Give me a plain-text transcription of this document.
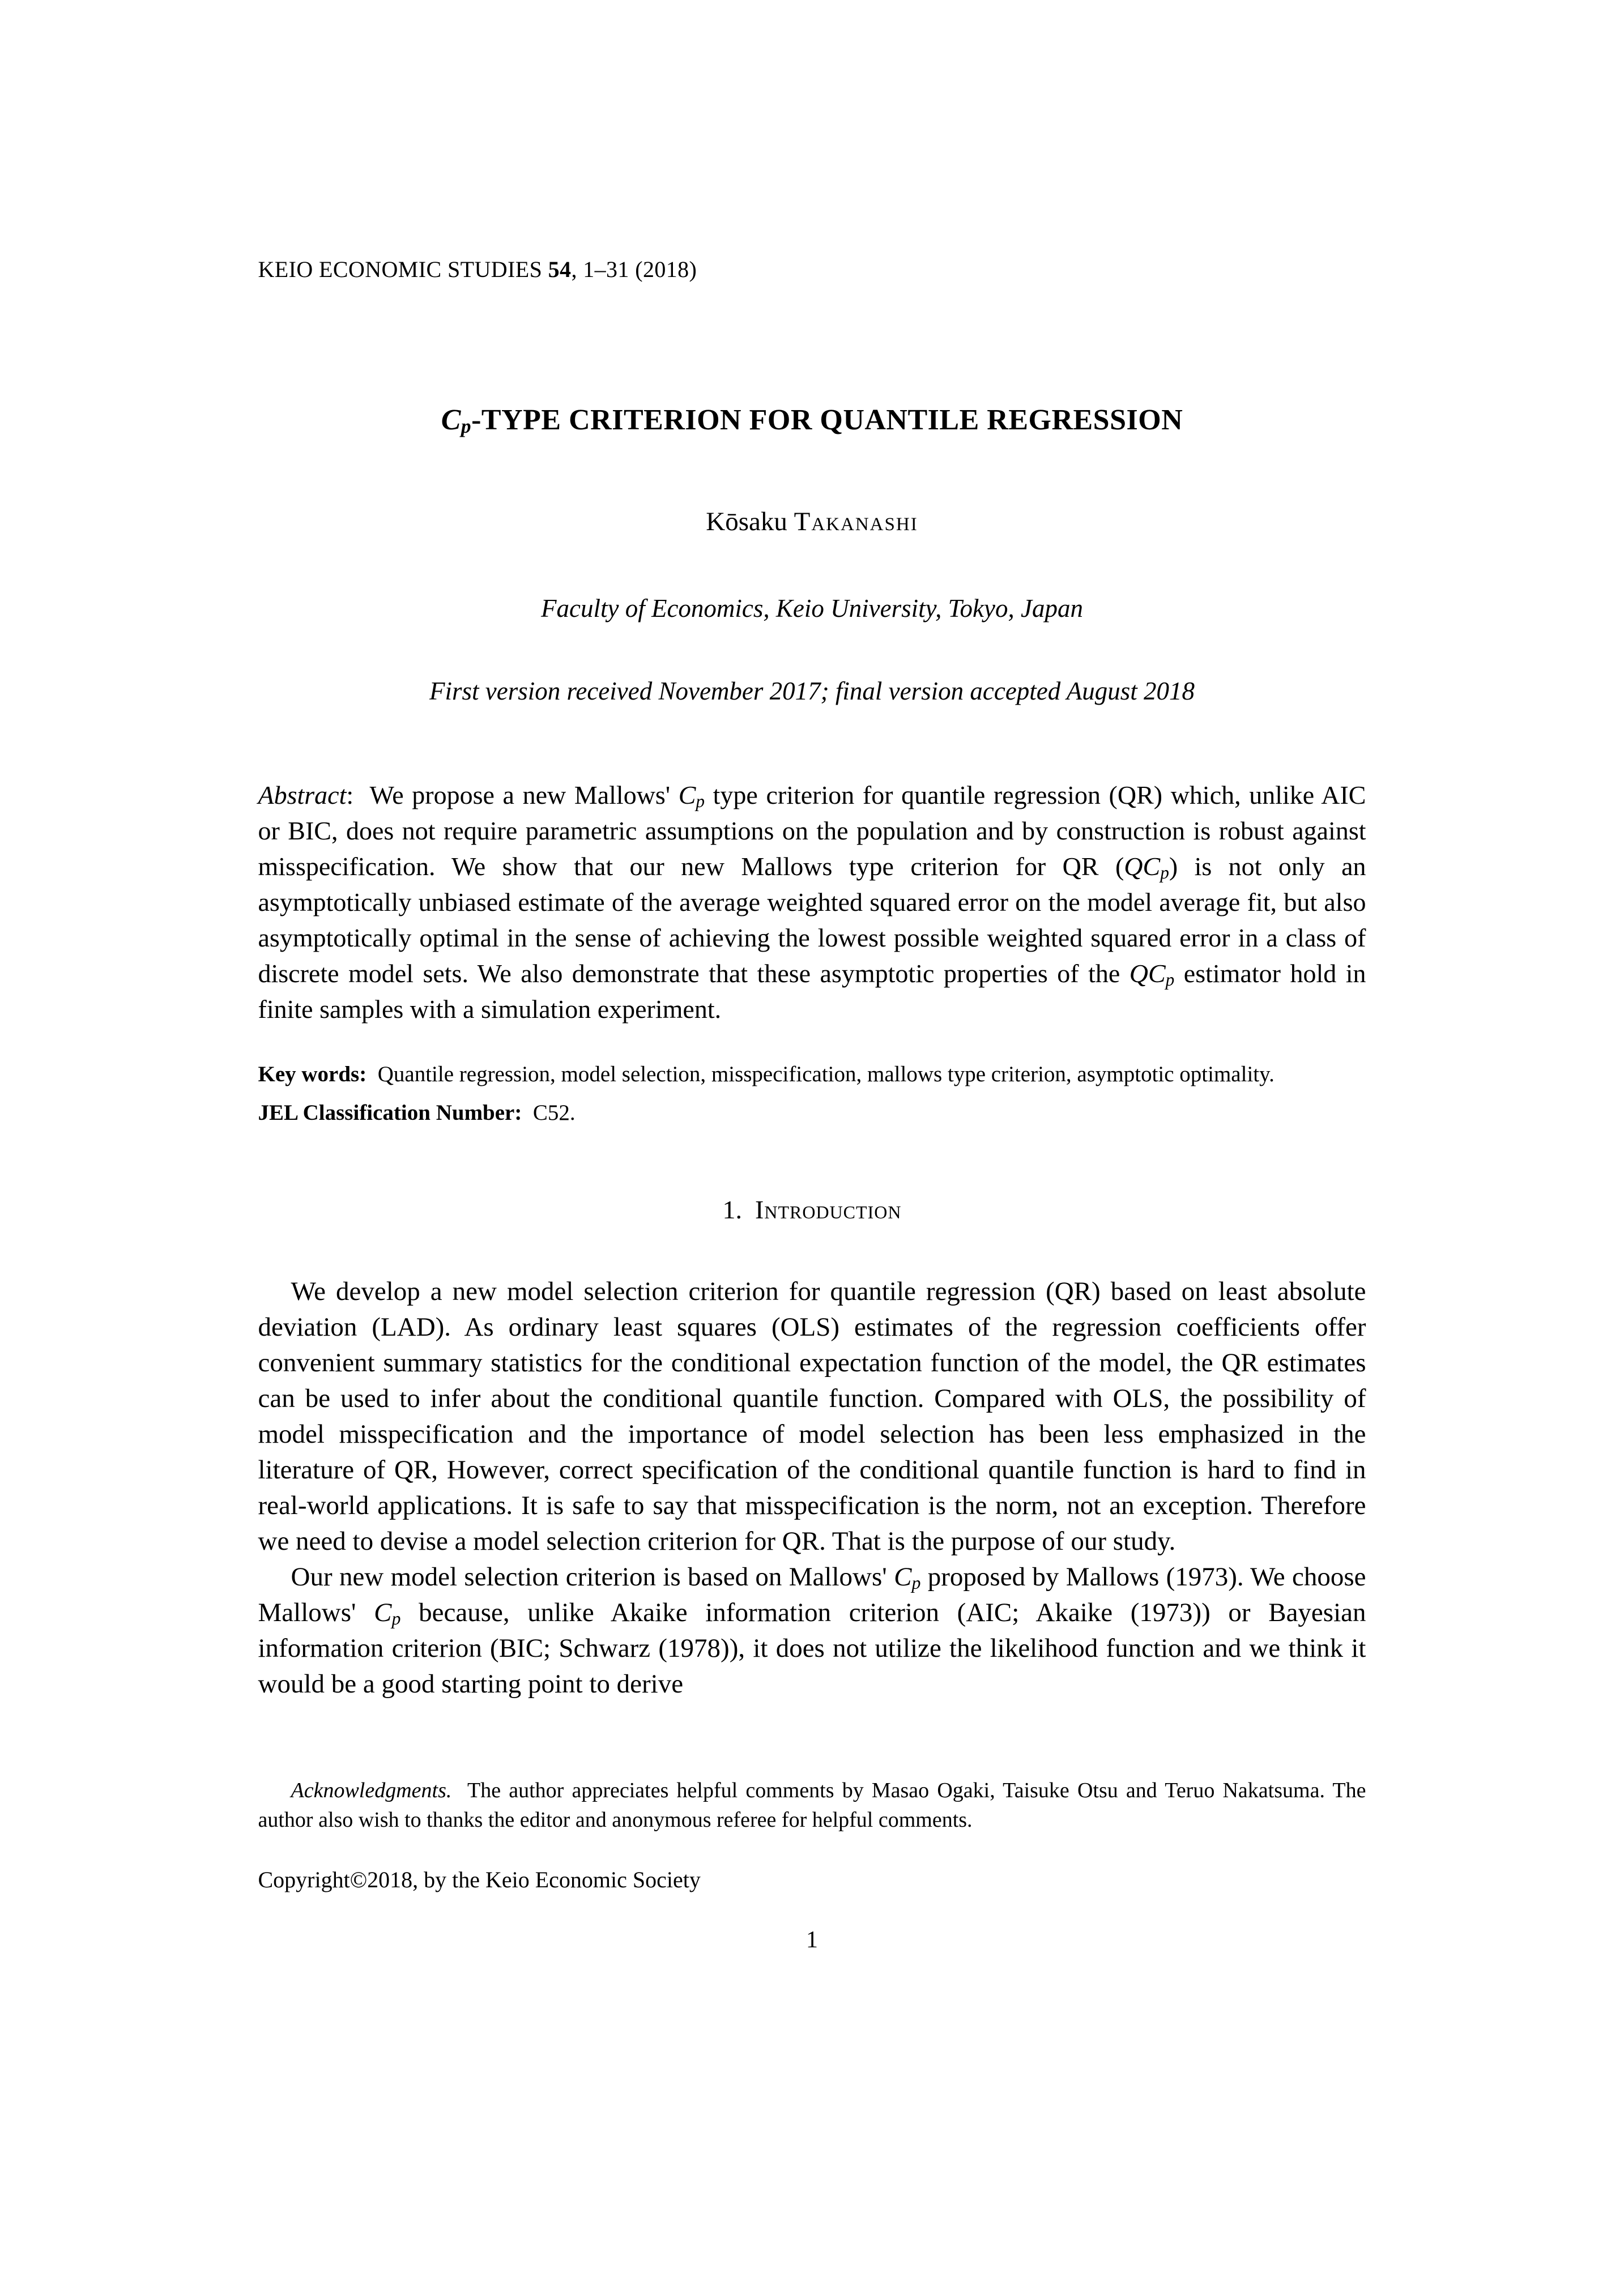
KEIO ECONOMIC STUDIES 54, 1–31 (2018)
$C_p$-TYPE CRITERION FOR QUANTILE REGRESSION
Kōsaku Takanashi
Faculty of Economics, Keio University, Tokyo, Japan
First version received November 2017; final version accepted August 2018

Abstract:  We propose a new Mallows' $C_p$ type criterion for quantile regression (QR) which, unlike AIC or BIC, does not require parametric assumptions on the population and by construction is robust against misspecification. We show that our new Mallows type criterion for QR $(QC_p)$ is not only an asymptotically unbiased estimate of the average weighted squared error on the model average fit, but also asymptotically optimal in the sense of achieving the lowest possible weighted squared error in a class of discrete model sets. We also demonstrate that these asymptotic properties of the $QC_p$ estimator hold in finite samples with a simulation experiment.

Key words:  Quantile regression, model selection, misspecification, mallows type criterion, asymptotic optimality.

JEL Classification Number:  C52.

1.  Introduction

We develop a new model selection criterion for quantile regression (QR) based on least absolute deviation (LAD). As ordinary least squares (OLS) estimates of the regression coefficients offer convenient summary statistics for the conditional expectation function of the model, the QR estimates can be used to infer about the conditional quantile function. Compared with OLS, the possibility of model misspecification and the importance of model selection has been less emphasized in the literature of QR, However, correct specification of the conditional quantile function is hard to find in real-world applications. It is safe to say that misspecification is the norm, not an exception. Therefore we need to devise a model selection criterion for QR. That is the purpose of our study.

Our new model selection criterion is based on Mallows' $C_p$ proposed by Mallows (1973). We choose Mallows' $C_p$ because, unlike Akaike information criterion (AIC; Akaike (1973)) or Bayesian information criterion (BIC; Schwarz (1978)), it does not utilize the likelihood function and we think it would be a good starting point to derive

Acknowledgments.  The author appreciates helpful comments by Masao Ogaki, Taisuke Otsu and Teruo Nakatsuma. The author also wish to thanks the editor and anonymous referee for helpful comments.
Copyright©2018, by the Keio Economic Society
1
